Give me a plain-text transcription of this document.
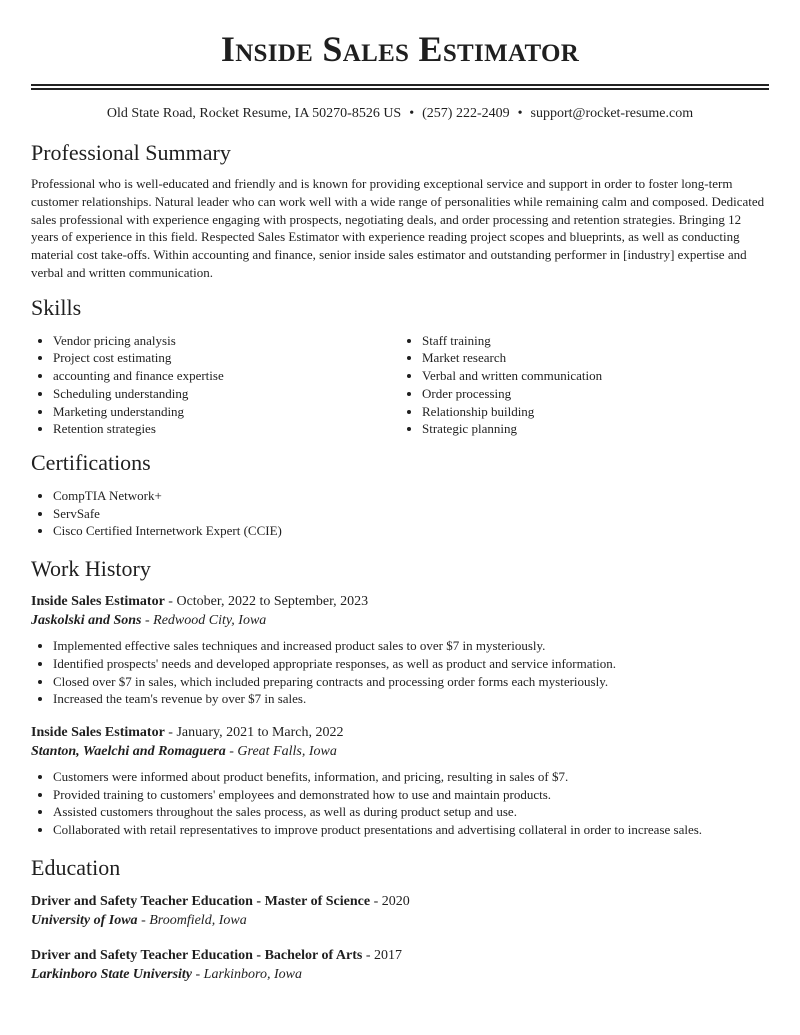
Inside Sales Estimator
Old State Road, Rocket Resume, IA 50270-8526 US • (257) 222-2409 • support@rocket-resume.com
Professional Summary
Professional who is well-educated and friendly and is known for providing exceptional service and support in order to foster long-term customer relationships. Natural leader who can work well with a wide range of personalities while remaining calm and composed. Dedicated sales professional with experience engaging with prospects, negotiating deals, and order processing and retention strategies. Bringing 12 years of experience in this field. Respected Sales Estimator with experience reading project scopes and blueprints, as well as conducting material cost take-offs. Within accounting and finance, senior inside sales estimator and outstanding performer in [industry] expertise and verbal and written communication.
Skills
• Vendor pricing analysis
• Project cost estimating
• accounting and finance expertise
• Scheduling understanding
• Marketing understanding
• Retention strategies
• Staff training
• Market research
• Verbal and written communication
• Order processing
• Relationship building
• Strategic planning
Certifications
• CompTIA Network+
• ServSafe
• Cisco Certified Internetwork Expert (CCIE)
Work History
Inside Sales Estimator - October, 2022 to September, 2023
Jaskolski and Sons - Redwood City, Iowa
• Implemented effective sales techniques and increased product sales to over $7 in mysteriously.
• Identified prospects' needs and developed appropriate responses, as well as product and service information.
• Closed over $7 in sales, which included preparing contracts and processing order forms each mysteriously.
• Increased the team's revenue by over $7 in sales.
Inside Sales Estimator - January, 2021 to March, 2022
Stanton, Waelchi and Romaguera - Great Falls, Iowa
• Customers were informed about product benefits, information, and pricing, resulting in sales of $7.
• Provided training to customers' employees and demonstrated how to use and maintain products.
• Assisted customers throughout the sales process, as well as during product setup and use.
• Collaborated with retail representatives to improve product presentations and advertising collateral in order to increase sales.
Education
Driver and Safety Teacher Education - Master of Science - 2020
University of Iowa - Broomfield, Iowa
Driver and Safety Teacher Education - Bachelor of Arts - 2017
Larkinboro State University - Larkinboro, Iowa
